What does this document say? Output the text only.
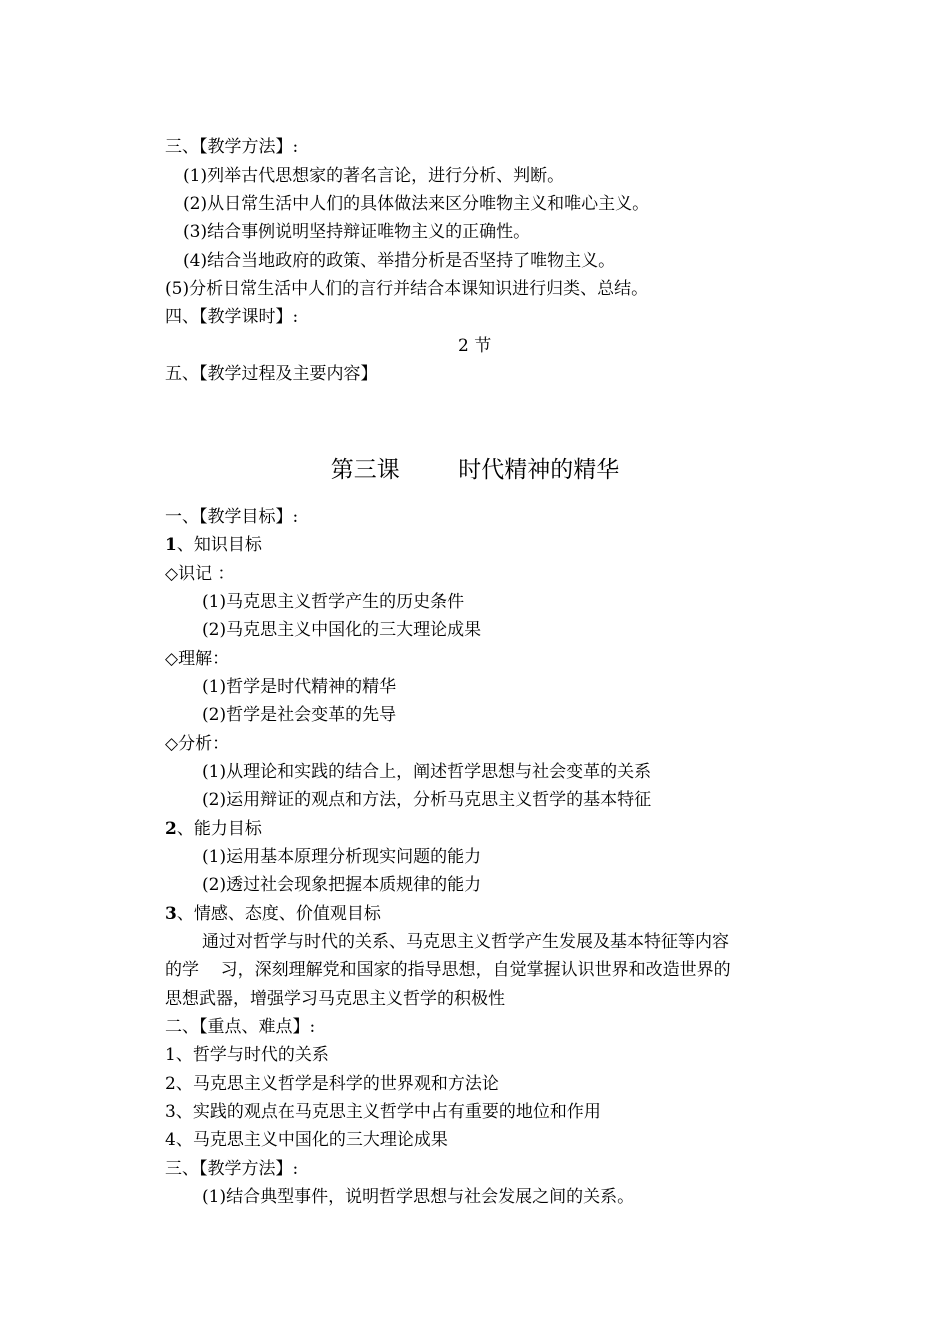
三、【教学方法】:
(1)列举古代思想家的著名言论，进行分析、判断。
(2)从日常生活中人们的具体做法来区分唯物主义和唯心主义。
(3)结合事例说明坚持辩证唯物主义的正确性。
(4)结合当地政府的政策、举措分析是否坚持了唯物主义。
(5)分析日常生活中人们的言行并结合本课知识进行归类、总结。
四、【教学课时】:
2 节
五、【教学过程及主要内容】
第三课        时代精神的精华
一、【教学目标】:
1、知识目标
◇识记 ：
(1)马克思主义哲学产生的历史条件
(2)马克思主义中国化的三大理论成果
◇理解：
(1)哲学是时代精神的精华
(2)哲学是社会变革的先导
◇分析：
(1)从理论和实践的结合上，阐述哲学思想与社会变革的关系
(2)运用辩证的观点和方法，分析马克思主义哲学的基本特征
2、能力目标
(1)运用基本原理分析现实问题的能力
(2)透过社会现象把握本质规律的能力
3、情感、态度、价值观目标
通过对哲学与时代的关系、马克思主义哲学产生发展及基本特征等内容
的学    习，深刻理解党和国家的指导思想，自觉掌握认识世界和改造世界的
思想武器，增强学习马克思主义哲学的积极性
二、【重点、难点】:
1、哲学与时代的关系
2、马克思主义哲学是科学的世界观和方法论
3、实践的观点在马克思主义哲学中占有重要的地位和作用
4、马克思主义中国化的三大理论成果
三、【教学方法】:
(1)结合典型事件，说明哲学思想与社会发展之间的关系。
